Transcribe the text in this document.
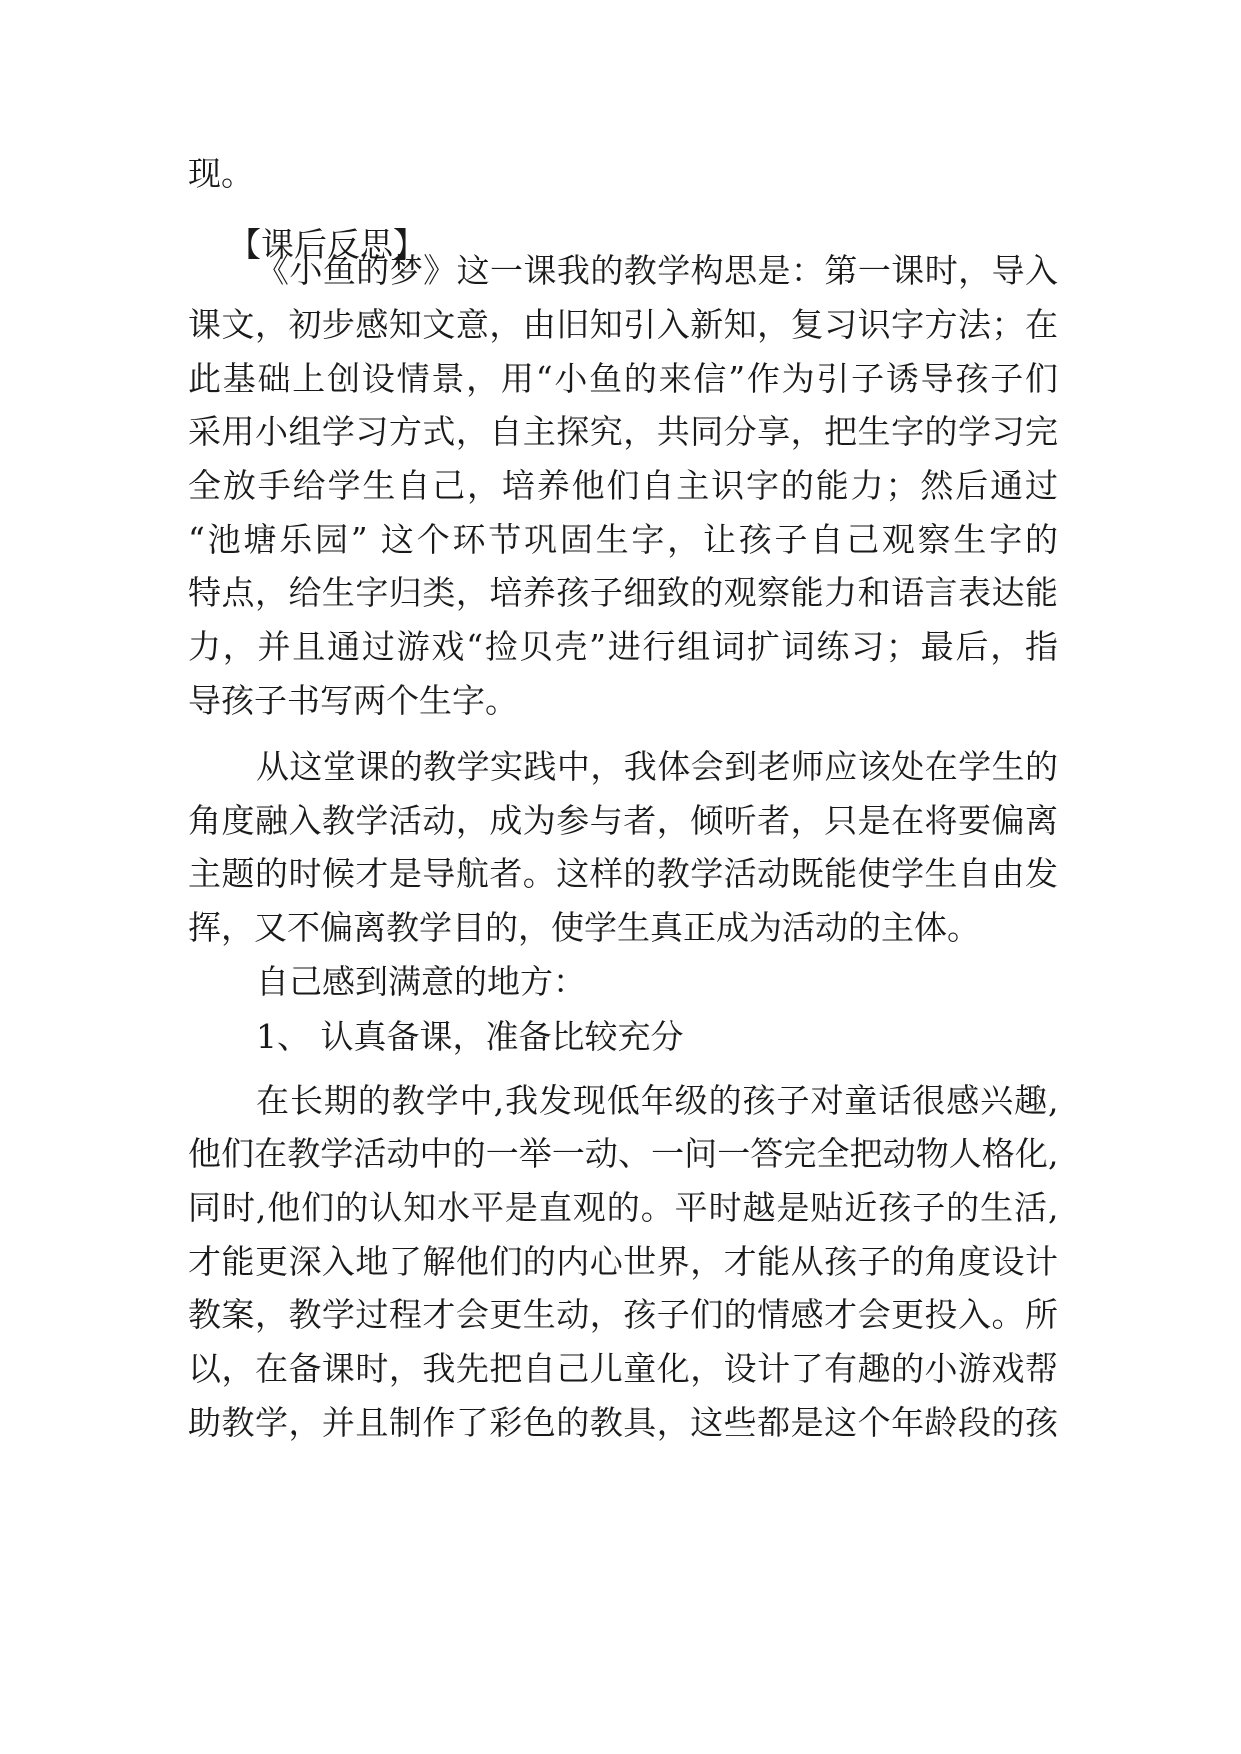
现。
【课后反思】
《小鱼的梦》这一课我的教学构思是：第一课时，导入
课文，初步感知文意，由旧知引入新知，复习识字方法；在
此基础上创设情景，用“小鱼的来信”作为引子诱导孩子们
采用小组学习方式，自主探究，共同分享，把生字的学习完
全放手给学生自己，培养他们自主识字的能力；然后通过
“池塘乐园” 这个环节巩固生字，让孩子自己观察生字的
特点，给生字归类，培养孩子细致的观察能力和语言表达能
力，并且通过游戏“捡贝壳”进行组词扩词练习；最后，指
导孩子书写两个生字。
从这堂课的教学实践中，我体会到老师应该处在学生的
角度融入教学活动，成为参与者，倾听者，只是在将要偏离
主题的时候才是导航者。这样的教学活动既能使学生自由发
挥，又不偏离教学目的，使学生真正成为活动的主体。
自己感到满意的地方：
1、 认真备课，准备比较充分
在长期的教学中,我发现低年级的孩子对童话很感兴趣,
他们在教学活动中的一举一动、一问一答完全把动物人格化,
同时,他们的认知水平是直观的。平时越是贴近孩子的生活,
才能更深入地了解他们的内心世界，才能从孩子的角度设计
教案，教学过程才会更生动，孩子们的情感才会更投入。所
以，在备课时，我先把自己儿童化，设计了有趣的小游戏帮
助教学，并且制作了彩色的教具，这些都是这个年龄段的孩
